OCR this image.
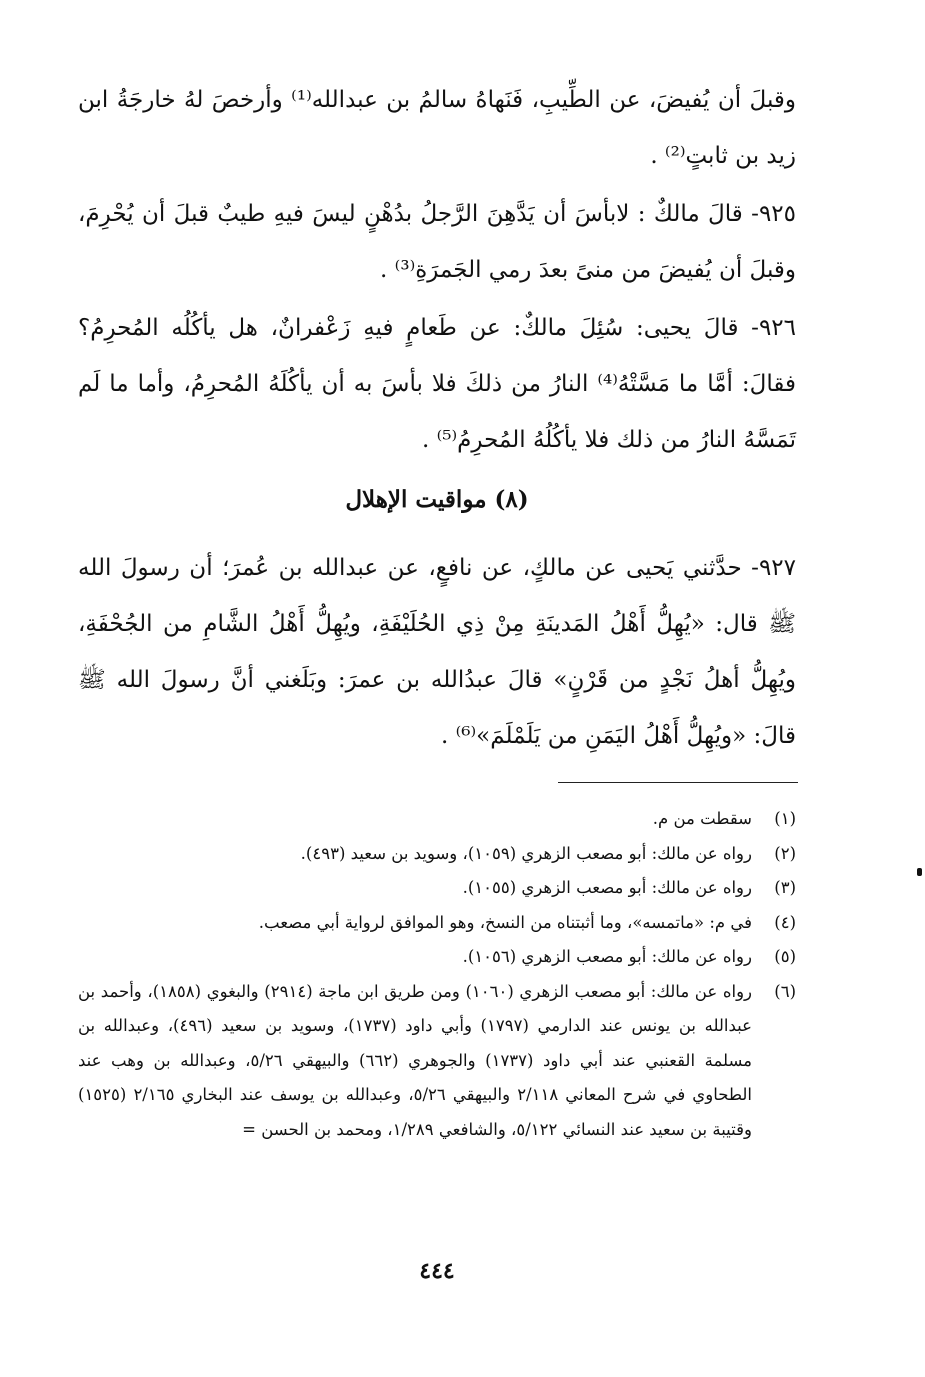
وقبلَ أن يُفيضَ، عن الطِّيبِ، فَنَهاهُ سالمُ بن عبدالله⁽¹⁾ وأرخصَ لهُ خارجَةُ ابن زيد بن ثابتٍ⁽²⁾ .

٩٢٥- قالَ مالكٌ : لابأسَ أن يَدَّهِنَ الرَّجلُ بدُهْنٍ ليسَ فيهِ طيبٌ قبلَ أن يُحْرِمَ، وقبلَ أن يُفيضَ من منىً بعدَ رمي الجَمرَةِ⁽³⁾ .

٩٢٦- قالَ يحيى: سُئِلَ مالكٌ: عن طَعامٍ فيهِ زَعْفرانٌ، هل يأكُلُه المُحرِمُ؟ فقالَ: أمَّا ما مَسَّتْهُ⁽⁴⁾ النارُ من ذلكَ فلا بأسَ به أن يأكُلَهُ المُحرِمُ، وأما ما لَم تَمَسَّهُ النارُ من ذلك فلا يأكُلُهُ المُحرِمُ⁽⁵⁾ .

(٨) مواقيت الإهلال

٩٢٧- حدَّثني يَحيى عن مالكٍ، عن نافعٍ، عن عبدالله بن عُمرَ؛ أن رسولَ الله ﷺ قال: «يُهِلُّ أَهْلُ المَدينَةِ مِنْ ذِي الحُلَيْفَةِ، ويُهِلُّ أَهْلُ الشَّامِ من الجُحْفَةِ، ويُهِلُّ أهلُ نَجْدٍ من قَرْنٍ» قالَ عبدُالله بن عمرَ: وبَلَغني أنَّ رسولَ الله ﷺ قالَ: «ويُهِلُّ أَهْلُ اليَمَنِ من يَلَمْلَمَ»⁽⁶⁾ .

(١)
سقطت من م.
(٢)
رواه عن مالك: أبو مصعب الزهري (١٠٥٩)، وسويد بن سعيد (٤٩٣).
(٣)
رواه عن مالك: أبو مصعب الزهري (١٠٥٥).
(٤)
في م: «ماتمسه»، وما أثبتناه من النسخ، وهو الموافق لرواية أبي مصعب.
(٥)
رواه عن مالك: أبو مصعب الزهري (١٠٥٦).
(٦)
رواه عن مالك: أبو مصعب الزهري (١٠٦٠) ومن طريق ابن ماجة (٢٩١٤) والبغوي (١٨٥٨)، وأحمد بن عبدالله بن يونس عند الدارمي (١٧٩٧) وأبي داود (١٧٣٧)، وسويد بن سعيد (٤٩٦)، وعبدالله بن مسلمة القعنبي عند أبي داود (١٧٣٧) والجوهري (٦٦٢) والبيهقي ٥/٢٦، وعبدالله بن وهب عند الطحاوي في شرح المعاني ٢/١١٨ والبيهقي ٥/٢٦، وعبدالله بن يوسف عند البخاري ٢/١٦٥ (١٥٢٥) وقتيبة بن سعيد عند النسائي ٥/١٢٢، والشافعي ١/٢٨٩، ومحمد بن الحسن =
٤٤٤
